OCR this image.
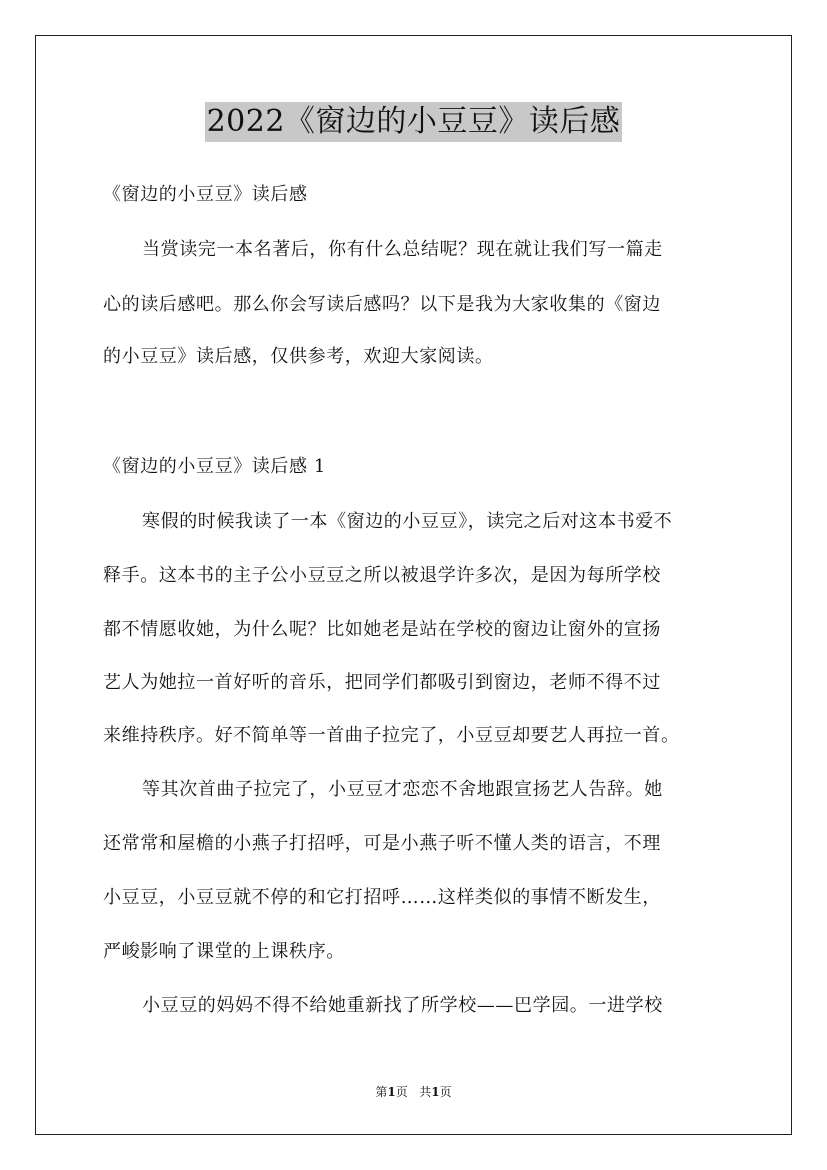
2022《窗边的小豆豆》读后感
《窗边的小豆豆》读后感
当赏读完一本名著后，你有什么总结呢？现在就让我们写一篇走
心的读后感吧。那么你会写读后感吗？以下是我为大家收集的《窗边
的小豆豆》读后感，仅供参考，欢迎大家阅读。
《窗边的小豆豆》读后感 1
寒假的时候我读了一本《窗边的小豆豆》，读完之后对这本书爱不
释手。这本书的主子公小豆豆之所以被退学许多次，是因为每所学校
都不情愿收她，为什么呢？比如她老是站在学校的窗边让窗外的宣扬
艺人为她拉一首好听的音乐，把同学们都吸引到窗边，老师不得不过
来维持秩序。好不简单等一首曲子拉完了，小豆豆却要艺人再拉一首。
等其次首曲子拉完了，小豆豆才恋恋不舍地跟宣扬艺人告辞。她
还常常和屋檐的小燕子打招呼，可是小燕子听不懂人类的语言，不理
小豆豆，小豆豆就不停的和它打招呼……这样类似的事情不断发生，
严峻影响了课堂的上课秩序。
小豆豆的妈妈不得不给她重新找了所学校——巴学园。一进学校
第1页 共1页
